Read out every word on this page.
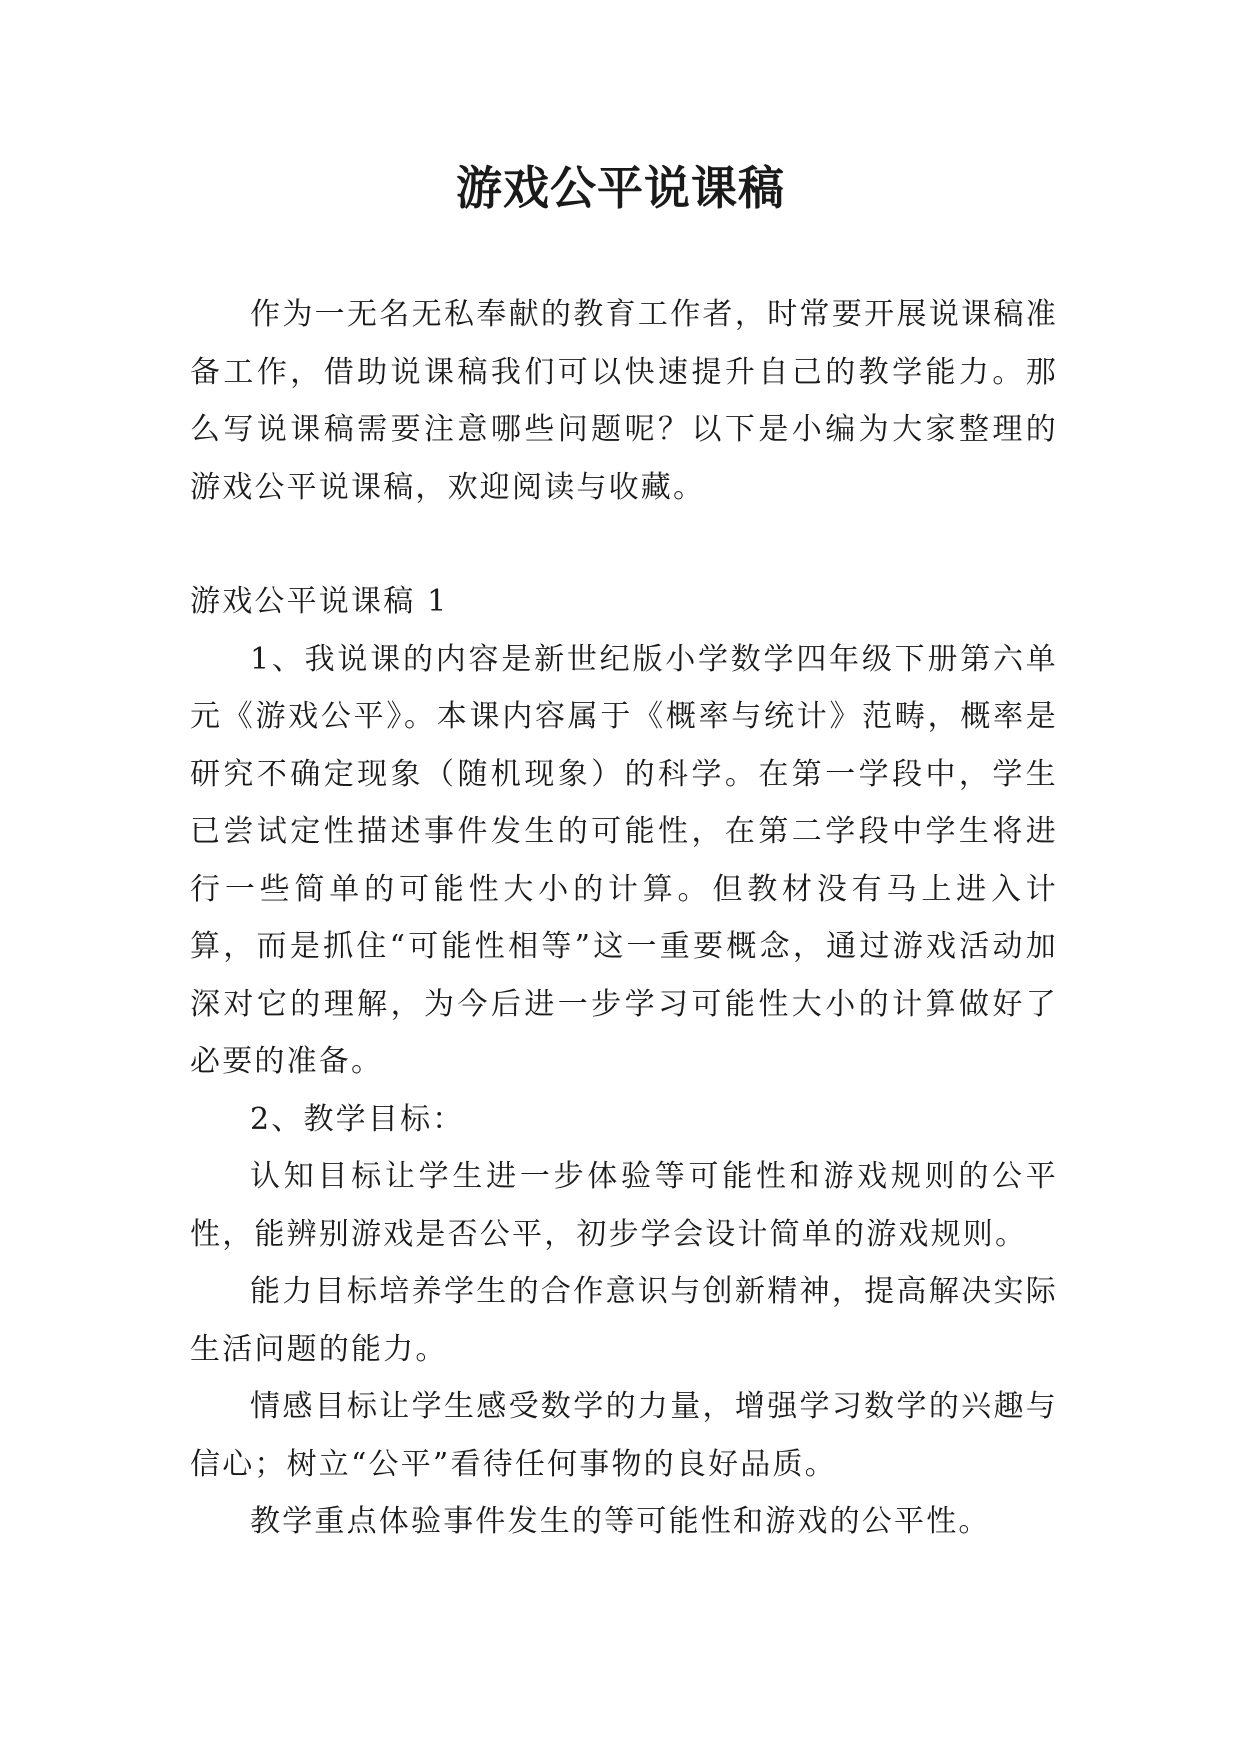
游戏公平说课稿

作为一无名无私奉献的教育工作者，时常要开展说课稿准备工作，借助说课稿我们可以快速提升自己的教学能力。那么写说课稿需要注意哪些问题呢？以下是小编为大家整理的游戏公平说课稿，欢迎阅读与收藏。

游戏公平说课稿 1

1、我说课的内容是新世纪版小学数学四年级下册第六单元《游戏公平》。本课内容属于《概率与统计》范畴，概率是研究不确定现象（随机现象）的科学。在第一学段中，学生已尝试定性描述事件发生的可能性，在第二学段中学生将进行一些简单的可能性大小的计算。但教材没有马上进入计算，而是抓住“可能性相等”这一重要概念，通过游戏活动加深对它的理解，为今后进一步学习可能性大小的计算做好了必要的准备。

2、教学目标：

认知目标让学生进一步体验等可能性和游戏规则的公平性，能辨别游戏是否公平，初步学会设计简单的游戏规则。

能力目标培养学生的合作意识与创新精神，提高解决实际生活问题的能力。

情感目标让学生感受数学的力量，增强学习数学的兴趣与信心；树立“公平”看待任何事物的良好品质。

教学重点体验事件发生的等可能性和游戏的公平性。
